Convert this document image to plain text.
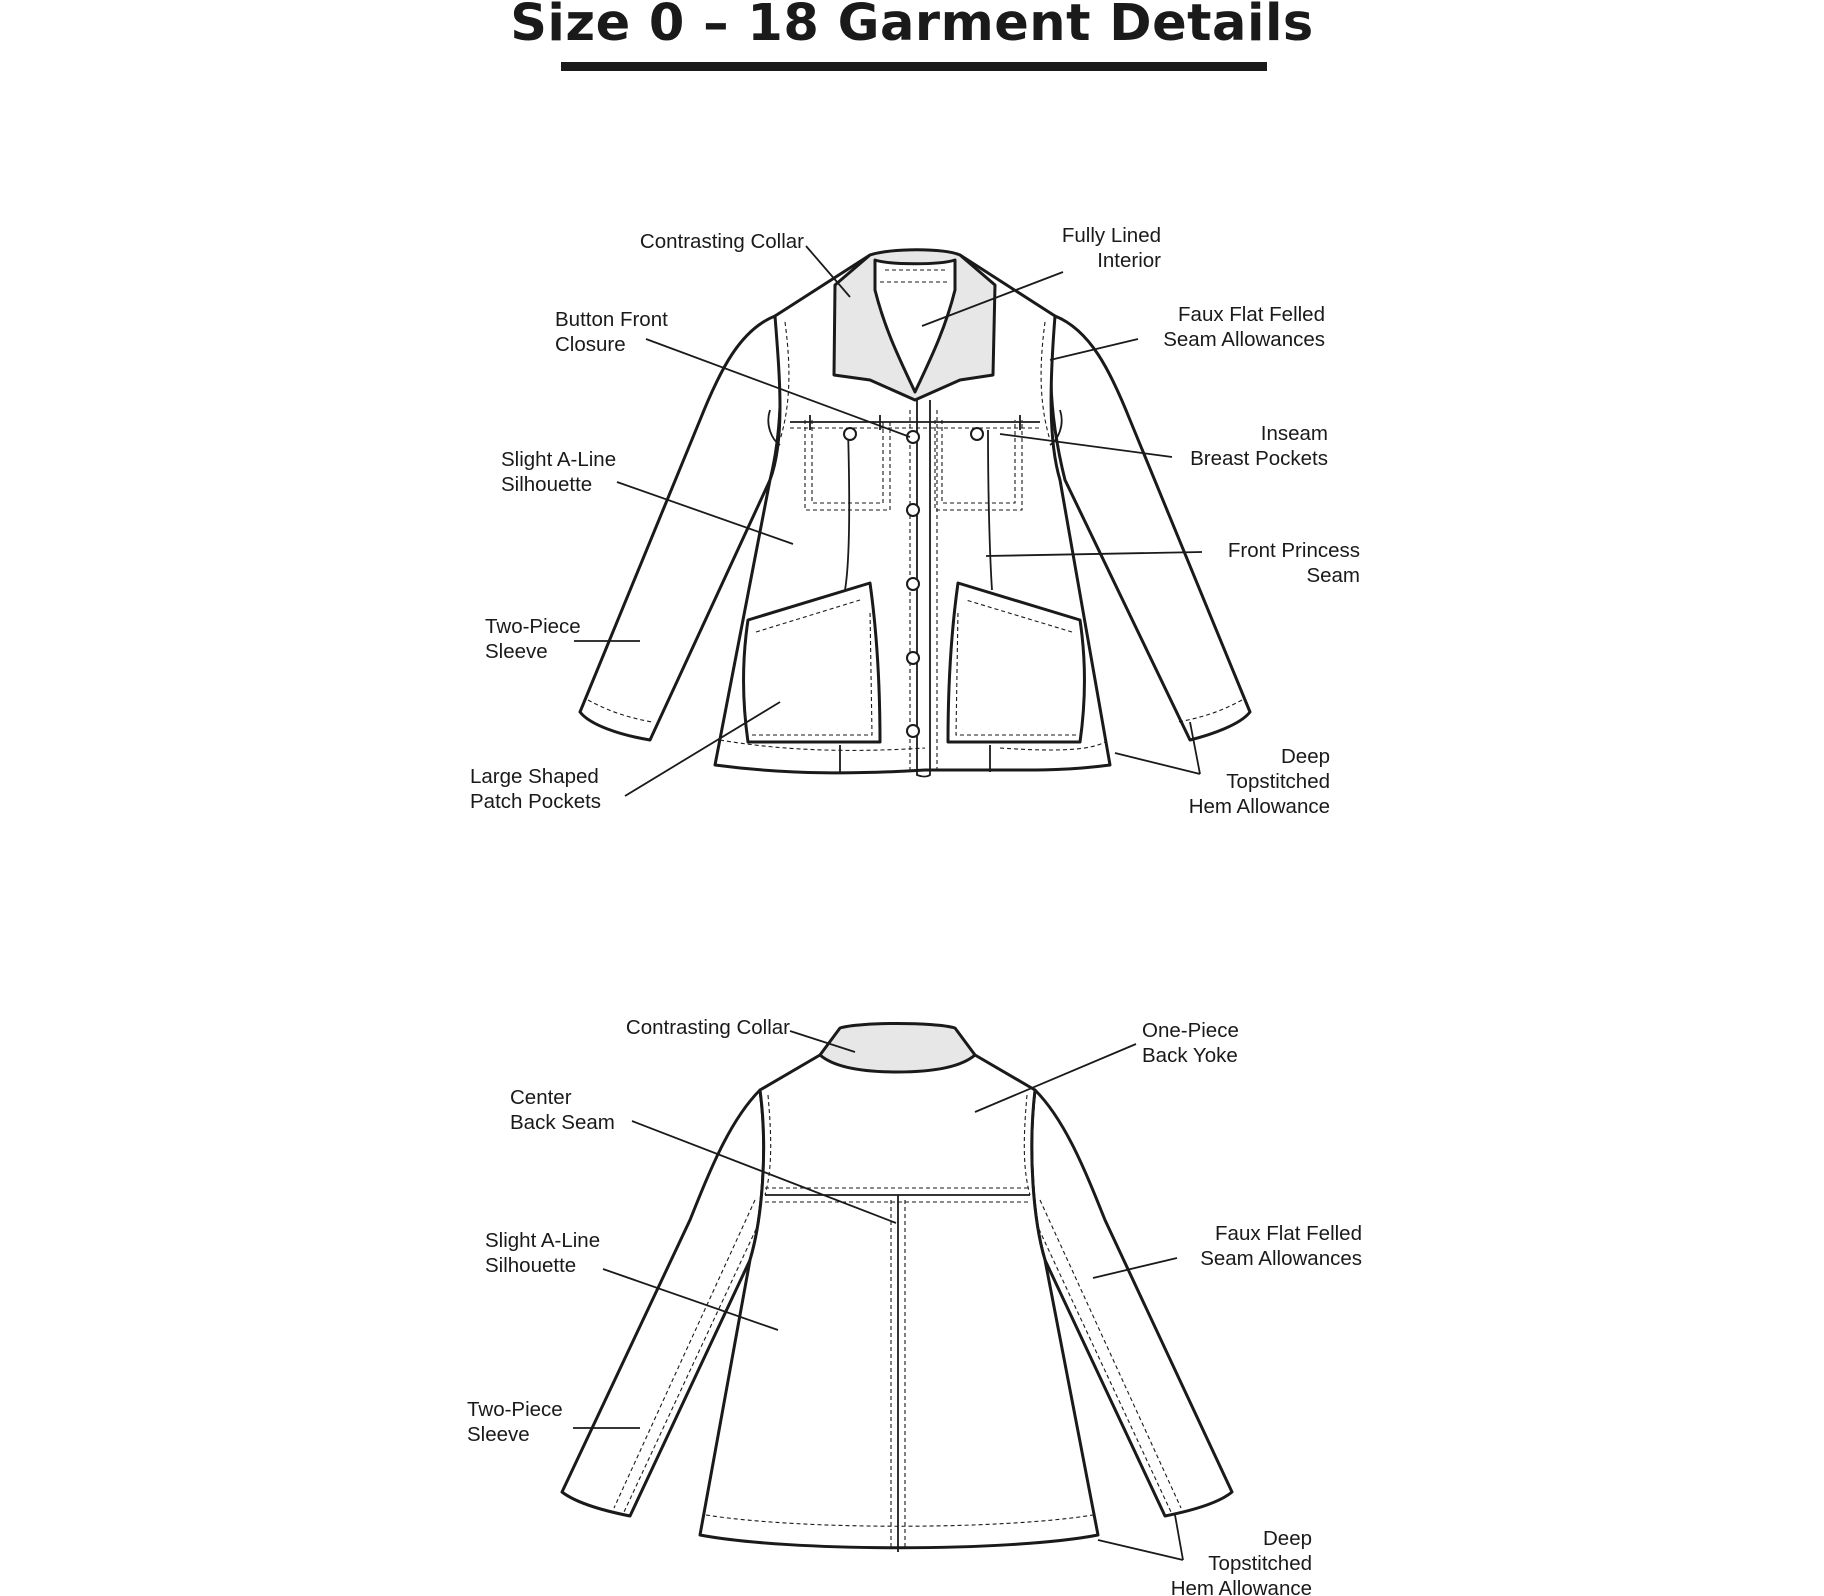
Size 0 – 18 Garment Details
Contrasting Collar	Fully Lined Interior
Button Front Closure
Faux Flat Felled Seam Allowances
Inseam Breast Pockets
Slight A-Line Silhouette
Front Princess Seam
Two-Piece Sleeve
Large Shaped Patch Pockets
Deep Topstitched Hem Allowance
Contrasting Collar	One-Piece Back Yoke
Center Back Seam
Slight A-Line Silhouette
Faux Flat Felled Seam Allowances
Two-Piece Sleeve
Deep Topstitched Hem Allowance
